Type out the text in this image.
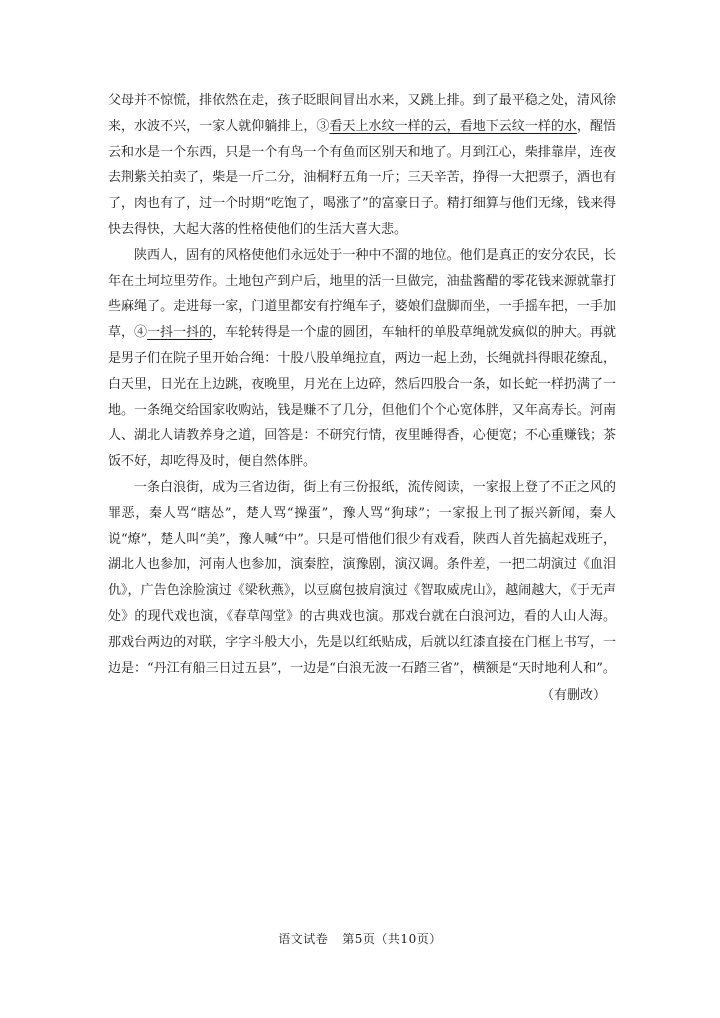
父母并不惊慌，排依然在走，孩子眨眼间冒出水来，又跳上排。到了最平稳之处，清风徐来，水波不兴，一家人就仰躺排上，③看天上水纹一样的云，看地下云纹一样的水，醒悟云和水是一个东西，只是一个有鸟一个有鱼而区别天和地了。月到江心，柴排靠岸，连夜去荆紫关拍卖了，柴是一斤二分，油桐籽五角一斤；三天辛苦，挣得一大把票子，酒也有了，肉也有了，过一个时期“吃饱了，喝涨了”的富豪日子。精打细算与他们无缘，钱来得快去得快，大起大落的性格使他们的生活大喜大悲。

陕西人，固有的风格使他们永远处于一种中不溜的地位。他们是真正的安分农民，长年在土坷垃里劳作。土地包产到户后，地里的活一旦做完，油盐酱醋的零花钱来源就靠打些麻绳了。走进每一家，门道里都安有拧绳车子，婆娘们盘脚而坐，一手摇车把，一手加草，④一抖一抖的，车轮转得是一个虚的圆团，车轴杆的单股草绳就发疯似的肿大。再就是男子们在院子里开始合绳：十股八股单绳拉直，两边一起上劲，长绳就抖得眼花缭乱，白天里，日光在上边跳，夜晚里，月光在上边碎，然后四股合一条，如长蛇一样扔满了一地。一条绳交给国家收购站，钱是赚不了几分，但他们个个心宽体胖，又年高寿长。河南人、湖北人请教养身之道，回答是：不研究行情，夜里睡得香，心便宽；不心重赚钱；茶饭不好，却吃得及时，便自然体胖。

一条白浪街，成为三省边街，街上有三份报纸，流传阅读，一家报上登了不正之风的罪恶，秦人骂“瞎怂”，楚人骂“操蛋”，豫人骂“狗球”；一家报上刊了振兴新闻，秦人说“燎”，楚人叫“美”，豫人喊“中”。只是可惜他们很少有戏看，陕西人首先搞起戏班子，湖北人也参加，河南人也参加，演秦腔，演豫剧，演汉调。条件差，一把二胡演过《血泪仇》，广告色涂脸演过《梁秋燕》，以豆腐包披肩演过《智取威虎山》，越闹越大，《于无声处》的现代戏也演，《春草闯堂》的古典戏也演。那戏台就在白浪河边，看的人山人海。那戏台两边的对联，字字斗般大小，先是以红纸贴成，后就以红漆直接在门框上书写，一边是：“丹江有船三日过五县”，一边是“白浪无波一石踏三省”，横额是“天时地利人和”。

（有删改）

语文试卷 第5页（共10页）
